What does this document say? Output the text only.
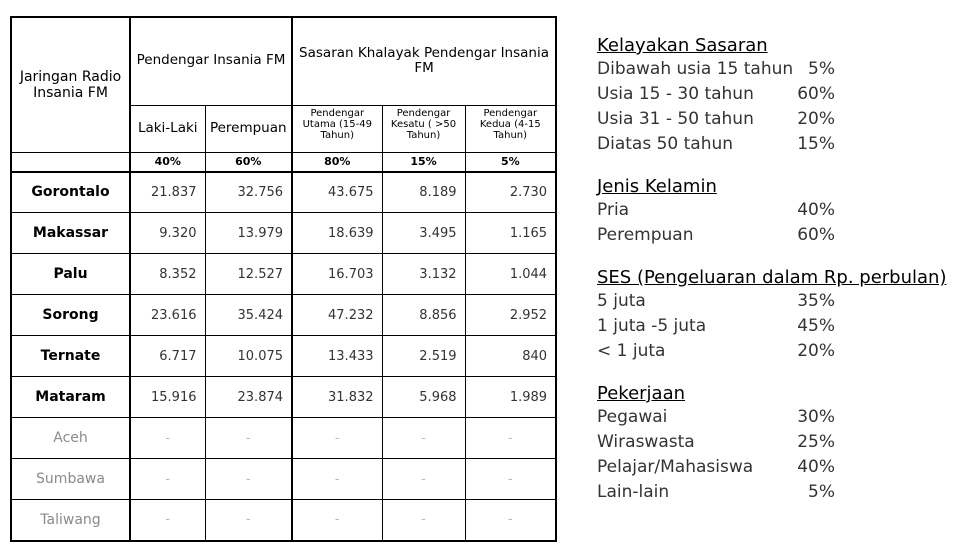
Jaringan Radio Insania FM	Pendengar Insania FM		Sasaran Khalayak Pendengar Insania FM		
	Laki-Laki	Perempuan	Pendengar Utama (15-49 Tahun)	Pendengar Kesatu ( >50 Tahun)	Pendengar Kedua (4-15 Tahun)
	40%	60%	80%	15%	5%
Gorontalo	21.837	32.756	43.675	8.189	2.730
Makassar	9.320	13.979	18.639	3.495	1.165
Palu	8.352	12.527	16.703	3.132	1.044
Sorong	23.616	35.424	47.232	8.856	2.952
Ternate	6.717	10.075	13.433	2.519	840
Mataram	15.916	23.874	31.832	5.968	1.989
Aceh	-	-	-	-	-
Sumbawa	-	-	-	-	-
Taliwang	-	-	-	-	-
Kelayakan Sasaran
Dibawah usia 15 tahun 5%
Usia 15 - 30 tahun	60%
Usia 31 - 50 tahun	20%
Diatas 50 tahun	15%
Jenis Kelamin
Pria	40%
Perempuan	60%
SES (Pengeluaran dalam Rp. perbulan)
5 juta	35%
1 juta -5 juta	45%
< 1 juta	20%
Pekerjaan
Pegawai	30%
Wiraswasta	25%
Pelajar/Mahasiswa	40%
Lain-lain	5%
